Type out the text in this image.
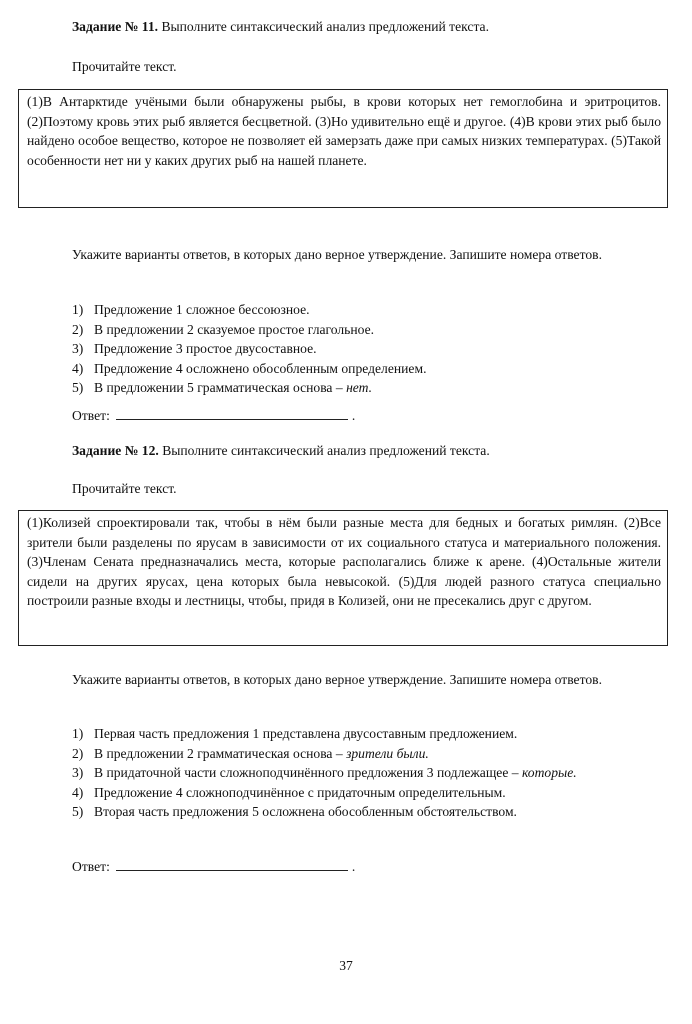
Задание № 11. Выполните синтаксический анализ предложений текста.
Прочитайте текст.

(1)В Антарктиде учёными были обнаружены рыбы, в крови которых нет гемоглобина и эритроцитов. (2)Поэтому кровь этих рыб является бесцветной. (3)Но удивительно ещё и другое. (4)В крови этих рыб было найдено особое вещество, которое не позволяет ей замерзать даже при самых низких температурах. (5)Такой особенности нет ни у каких других рыб на нашей планете.

Укажите варианты ответов, в которых дано верное утверждение. Запишите номера ответов.
1) Предложение 1 сложное бессоюзное.
2) В предложении 2 сказуемое простое глагольное.
3) Предложение 3 простое двусоставное.
4) Предложение 4 осложнено обособленным определением.
5) В предложении 5 грамматическая основа – нет.
Ответ:	.
Задание № 12. Выполните синтаксический анализ предложений текста.
Прочитайте текст.

(1)Колизей спроектировали так, чтобы в нём были разные места для бедных и богатых римлян. (2)Все зрители были разделены по ярусам в зависимости от их социального статуса и материального положения. (3)Членам Сената предназначались места, которые располагались ближе к арене. (4)Остальные жители сидели на других ярусах, цена которых была невысокой. (5)Для людей разного статуса специально построили разные входы и лестницы, чтобы, придя в Колизей, они не пресекались друг с другом.

Укажите варианты ответов, в которых дано верное утверждение. Запишите номера ответов.
1) Первая часть предложения 1 представлена двусоставным предложением.
2) В предложении 2 грамматическая основа – зрители были.
3) В придаточной части сложноподчинённого предложения 3 подлежащее – которые.
4) Предложение 4 сложноподчинённое с придаточным определительным.
5) Вторая часть предложения 5 осложнена обособленным обстоятельством.
Ответ:	.
37
